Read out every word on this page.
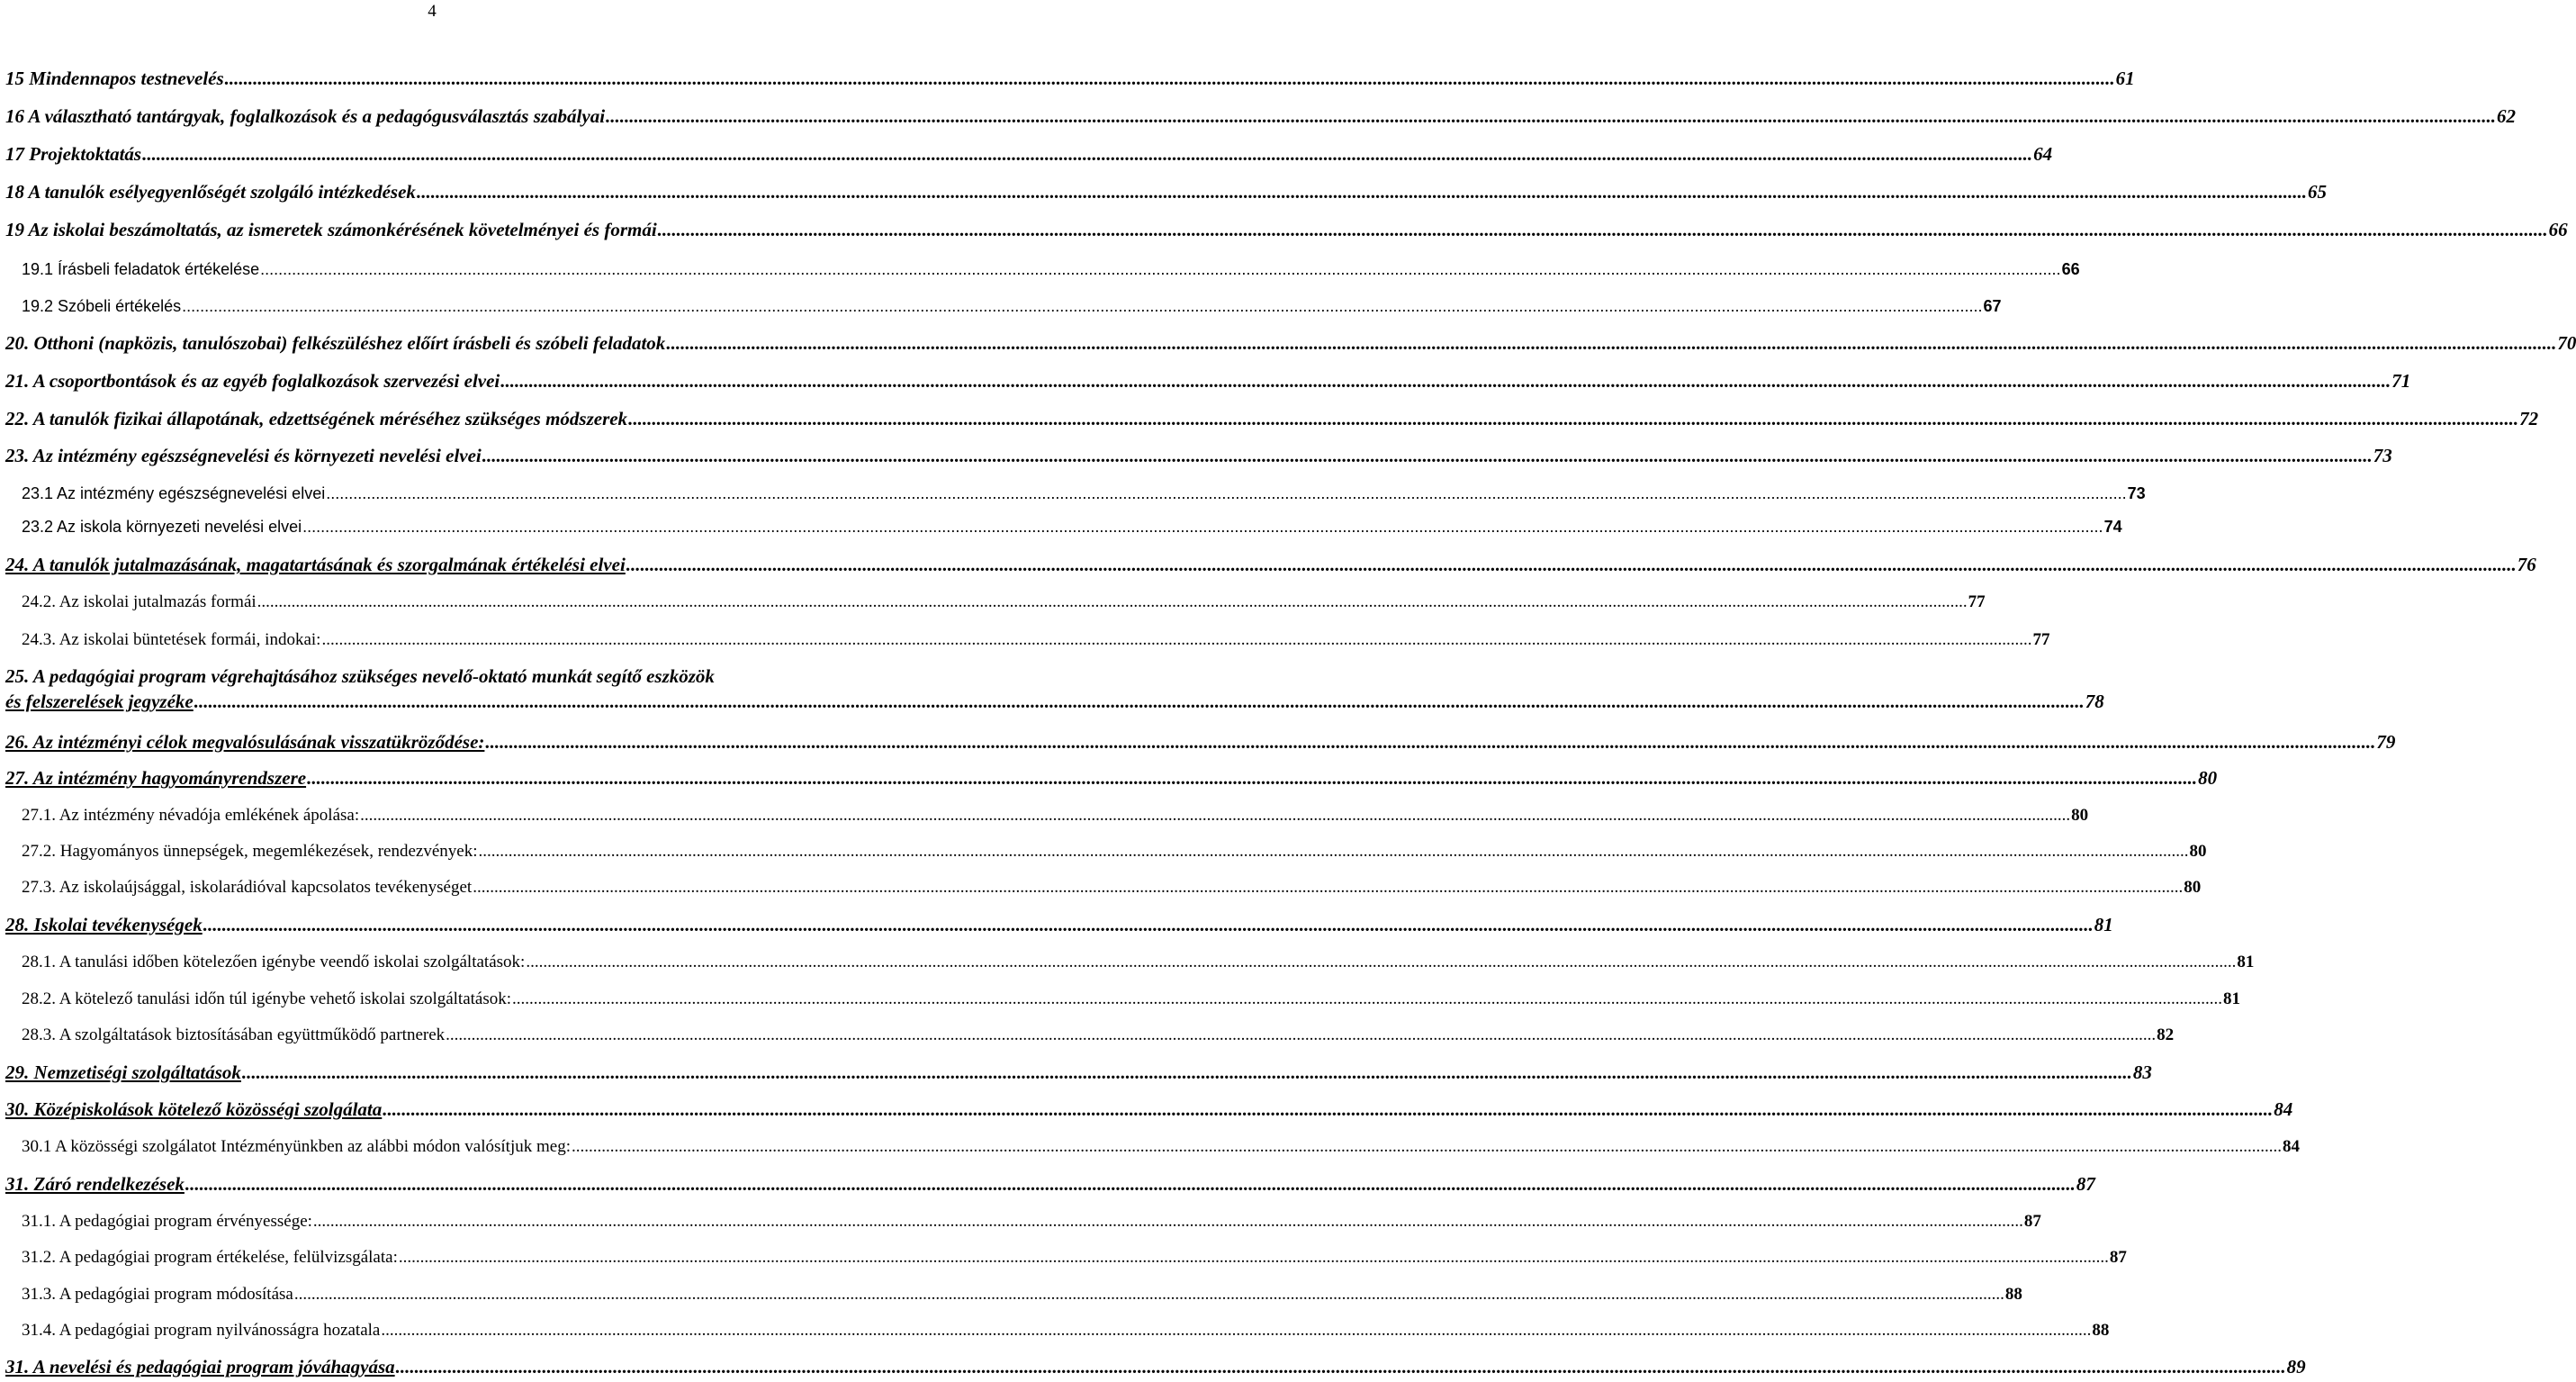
4
15 Mindennapos testnevelés ................................................................................................................................................................................................................................................................................................................................................................................................................ 61
16 A választható tantárgyak, foglalkozások és a pedagógusválasztás szabályai ................................................................................................................................................................................................................................................................................................................................................................................................................ 62
17 Projektoktatás ................................................................................................................................................................................................................................................................................................................................................................................................................ 64
18 A tanulók esélyegyenlőségét szolgáló intézkedések ................................................................................................................................................................................................................................................................................................................................................................................................................ 65
19 Az iskolai beszámoltatás, az ismeretek számonkérésének követelményei és formái ................................................................................................................................................................................................................................................................................................................................................................................................................ 66
19.1 Írásbeli feladatok értékelése ................................................................................................................................................................................................................................................................................................................................................................................................................ 66
19.2 Szóbeli értékelés ................................................................................................................................................................................................................................................................................................................................................................................................................ 67
20. Otthoni (napközis, tanulószobai) felkészüléshez előírt írásbeli és szóbeli feladatok ................................................................................................................................................................................................................................................................................................................................................................................................................ 70
21. A csoportbontások és az egyéb foglalkozások szervezési elvei ................................................................................................................................................................................................................................................................................................................................................................................................................ 71
22. A tanulók fizikai állapotának, edzettségének méréséhez szükséges módszerek ................................................................................................................................................................................................................................................................................................................................................................................................................ 72
23. Az intézmény egészségnevelési és környezeti nevelési elvei ................................................................................................................................................................................................................................................................................................................................................................................................................ 73
23.1 Az intézmény egészségnevelési elvei ................................................................................................................................................................................................................................................................................................................................................................................................................ 73
23.2 Az iskola környezeti nevelési elvei ................................................................................................................................................................................................................................................................................................................................................................................................................ 74
24. A tanulók jutalmazásának, magatartásának és szorgalmának értékelési elvei ................................................................................................................................................................................................................................................................................................................................................................................................................ 76
24.2. Az iskolai jutalmazás formái ................................................................................................................................................................................................................................................................................................................................................................................................................ 77
24.3. Az iskolai büntetések formái, indokai: ................................................................................................................................................................................................................................................................................................................................................................................................................ 77
25. A pedagógiai program végrehajtásához szükséges nevelő-oktató munkát segítő eszközök
és felszerelések jegyzéke ................................................................................................................................................................................................................................................................................................................................................................................................................ 78
26. Az intézményi célok megvalósulásának visszatükröződése: ................................................................................................................................................................................................................................................................................................................................................................................................................ 79
27. Az intézmény hagyományrendszere ................................................................................................................................................................................................................................................................................................................................................................................................................ 80
27.1. Az intézmény névadója emlékének ápolása: ................................................................................................................................................................................................................................................................................................................................................................................................................ 80
27.2. Hagyományos ünnepségek, megemlékezések, rendezvények: ................................................................................................................................................................................................................................................................................................................................................................................................................ 80
27.3. Az iskolaújsággal, iskolarádióval kapcsolatos tevékenységet ................................................................................................................................................................................................................................................................................................................................................................................................................ 80
28. Iskolai tevékenységek ................................................................................................................................................................................................................................................................................................................................................................................................................ 81
28.1. A tanulási időben kötelezően igénybe veendő iskolai szolgáltatások: ................................................................................................................................................................................................................................................................................................................................................................................................................ 81
28.2. A kötelező tanulási időn túl igénybe vehető iskolai szolgáltatások: ................................................................................................................................................................................................................................................................................................................................................................................................................ 81
28.3. A szolgáltatások biztosításában együttműködő partnerek ................................................................................................................................................................................................................................................................................................................................................................................................................ 82
29. Nemzetiségi szolgáltatások ................................................................................................................................................................................................................................................................................................................................................................................................................ 83
30. Középiskolások kötelező közösségi szolgálata ................................................................................................................................................................................................................................................................................................................................................................................................................ 84
30.1 A közösségi szolgálatot Intézményünkben az alábbi módon valósítjuk meg: ................................................................................................................................................................................................................................................................................................................................................................................................................ 84
31. Záró rendelkezések ................................................................................................................................................................................................................................................................................................................................................................................................................ 87
31.1. A pedagógiai program érvényessége: ................................................................................................................................................................................................................................................................................................................................................................................................................ 87
31.2. A pedagógiai program értékelése, felülvizsgálata: ................................................................................................................................................................................................................................................................................................................................................................................................................ 87
31.3. A pedagógiai program módosítása ................................................................................................................................................................................................................................................................................................................................................................................................................ 88
31.4. A pedagógiai program nyilvánosságra hozatala ................................................................................................................................................................................................................................................................................................................................................................................................................ 88
31. A nevelési és pedagógiai program jóváhagyása ................................................................................................................................................................................................................................................................................................................................................................................................................ 89
